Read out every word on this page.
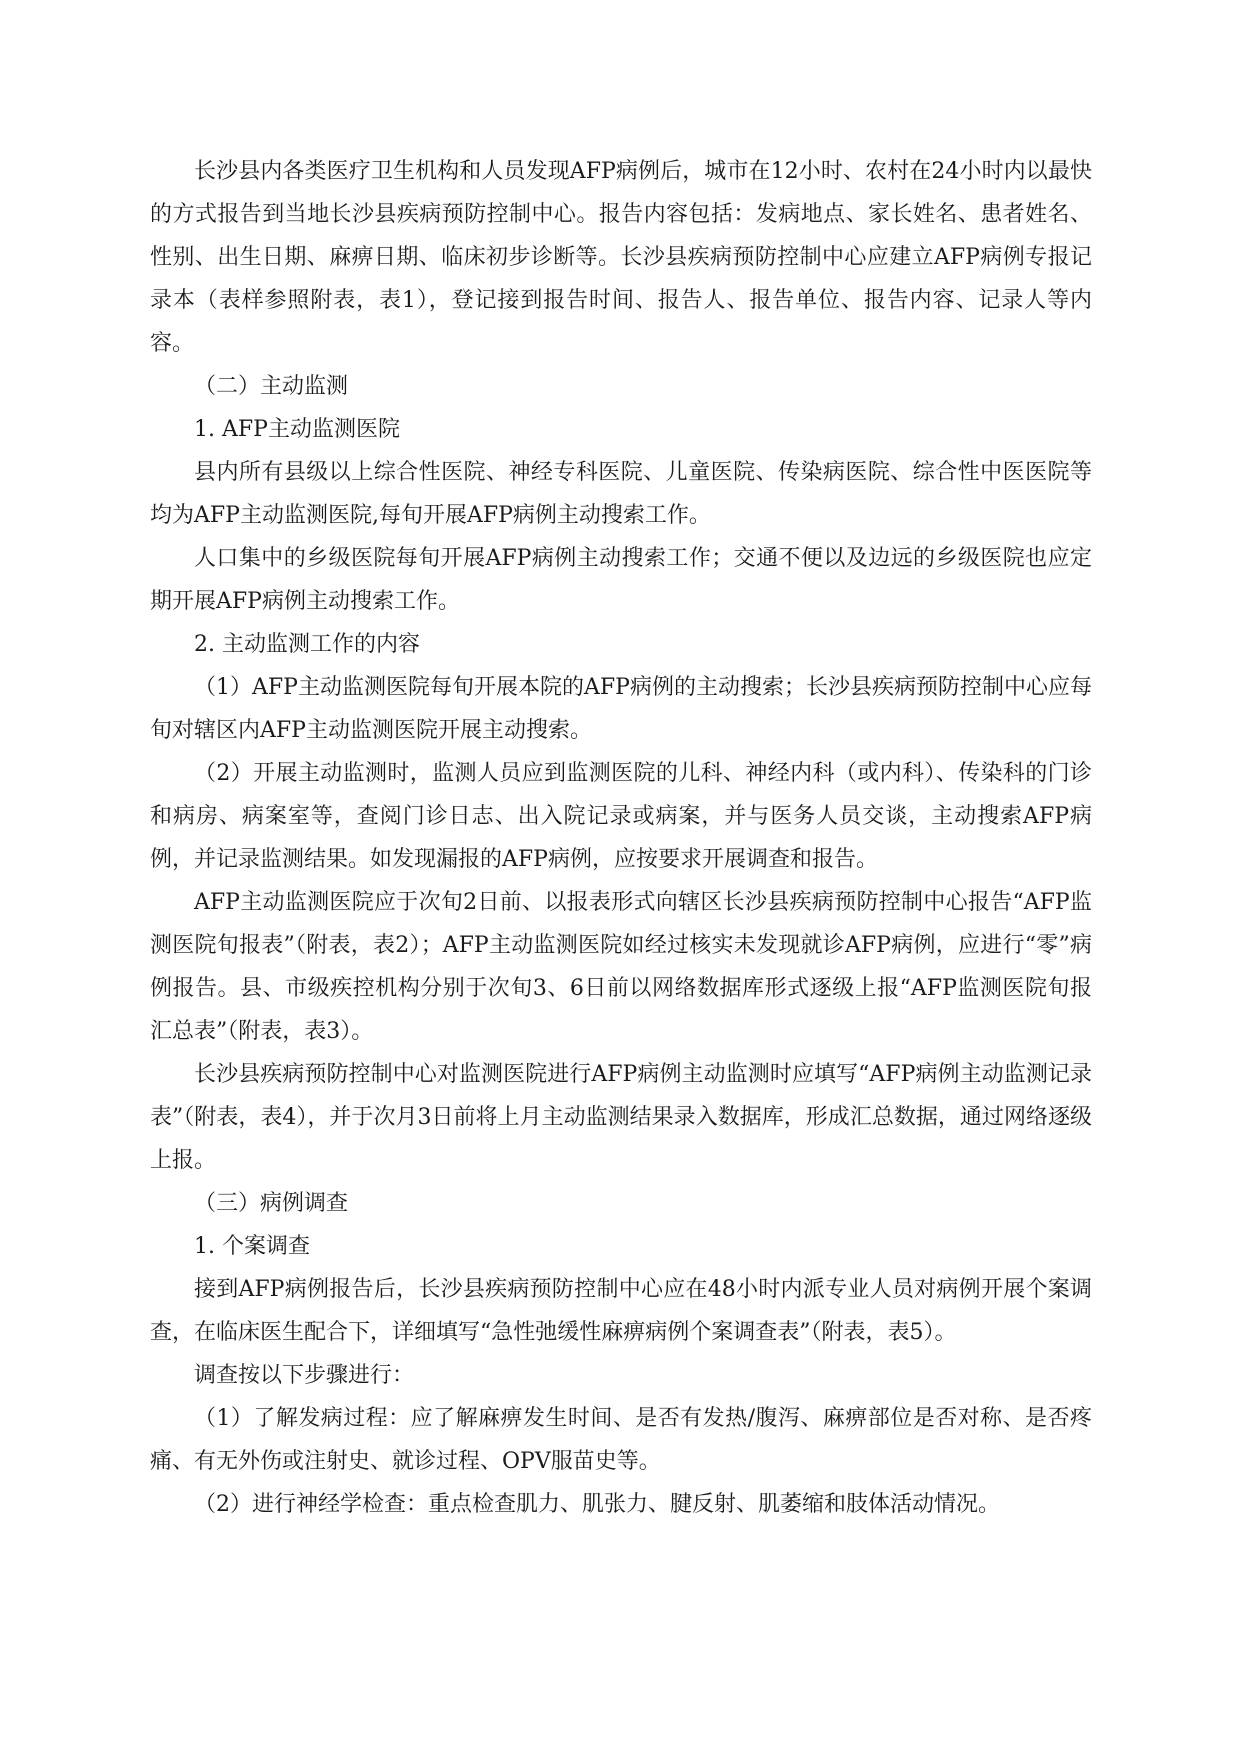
长沙县内各类医疗卫生机构和人员发现AFP病例后，城市在12小时、农村在24小时内以最快的方式报告到当地长沙县疾病预防控制中心。报告内容包括：发病地点、家长姓名、患者姓名、性别、出生日期、麻痹日期、临床初步诊断等。长沙县疾病预防控制中心应建立AFP病例专报记录本（表样参照附表，表1），登记接到报告时间、报告人、报告单位、报告内容、记录人等内容。

（二）主动监测

1. AFP主动监测医院

县内所有县级以上综合性医院、神经专科医院、儿童医院、传染病医院、综合性中医医院等均为AFP主动监测医院,每旬开展AFP病例主动搜索工作。

人口集中的乡级医院每旬开展AFP病例主动搜索工作；交通不便以及边远的乡级医院也应定期开展AFP病例主动搜索工作。

2. 主动监测工作的内容

（1）AFP主动监测医院每旬开展本院的AFP病例的主动搜索；长沙县疾病预防控制中心应每旬对辖区内AFP主动监测医院开展主动搜索。

（2）开展主动监测时，监测人员应到监测医院的儿科、神经内科（或内科）、传染科的门诊和病房、病案室等，查阅门诊日志、出入院记录或病案，并与医务人员交谈，主动搜索AFP病例，并记录监测结果。如发现漏报的AFP病例，应按要求开展调查和报告。

AFP主动监测医院应于次旬2日前、以报表形式向辖区长沙县疾病预防控制中心报告“AFP监测医院旬报表”（附表，表2）；AFP主动监测医院如经过核实未发现就诊AFP病例，应进行“零”病例报告。县、市级疾控机构分别于次旬3、6日前以网络数据库形式逐级上报“AFP监测医院旬报汇总表”（附表，表3）。

长沙县疾病预防控制中心对监测医院进行AFP病例主动监测时应填写“AFP病例主动监测记录表”（附表，表4），并于次月3日前将上月主动监测结果录入数据库，形成汇总数据，通过网络逐级上报。

（三）病例调查

1. 个案调查

接到AFP病例报告后，长沙县疾病预防控制中心应在48小时内派专业人员对病例开展个案调查，在临床医生配合下，详细填写“急性弛缓性麻痹病例个案调查表”（附表，表5）。

调查按以下步骤进行：

（1）了解发病过程：应了解麻痹发生时间、是否有发热/腹泻、麻痹部位是否对称、是否疼痛、有无外伤或注射史、就诊过程、OPV服苗史等。

（2）进行神经学检查：重点检查肌力、肌张力、腱反射、肌萎缩和肢体活动情况。
